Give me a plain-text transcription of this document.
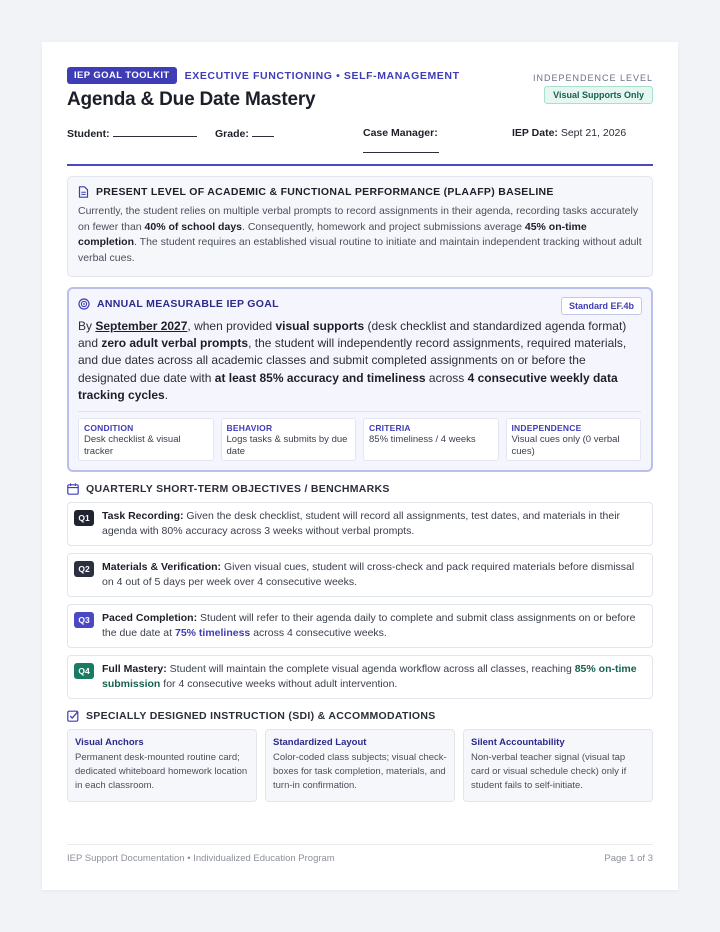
IEP GOAL TOOLKIT	EXECUTIVE FUNCTIONING • SELF-MANAGEMENT
Agenda & Due Date Mastery
INDEPENDENCE LEVEL
Visual Supports Only
Student:	Grade:	Case Manager:	IEP Date: Sept 21, 2026
PRESENT LEVEL OF ACADEMIC & FUNCTIONAL PERFORMANCE (PLAAFP) BASELINE
Currently, the student relies on multiple verbal prompts to record assignments in their agenda, recording tasks accurately on fewer than 40% of school days. Consequently, homework and project submissions average 45% on-time completion. The student requires an established visual routine to initiate and maintain independent tracking without adult verbal cues.
ANNUAL MEASURABLE IEP GOAL	Standard EF.4b
By September 2027, when provided visual supports (desk checklist and standardized agenda format) and zero adult verbal prompts, the student will independently record assignments, required materials, and due dates across all academic classes and submit completed assignments on or before the designated due date with at least 85% accuracy and timeliness across 4 consecutive weekly data tracking cycles.
CONDITION
Desk checklist & visual tracker
BEHAVIOR
Logs tasks & submits by due date
CRITERIA
85% timeliness / 4 weeks
INDEPENDENCE
Visual cues only (0 verbal cues)
QUARTERLY SHORT-TERM OBJECTIVES / BENCHMARKS
Q1	Task Recording: Given the desk checklist, student will record all assignments, test dates, and materials in their agenda with 80% accuracy across 3 weeks without verbal prompts.
Q2	Materials & Verification: Given visual cues, student will cross-check and pack required materials before dismissal on 4 out of 5 days per week over 4 consecutive weeks.
Q3	Paced Completion: Student will refer to their agenda daily to complete and submit class assignments on or before the due date at 75% timeliness across 4 consecutive weeks.
Q4	Full Mastery: Student will maintain the complete visual agenda workflow across all classes, reaching 85% on-time submission for 4 consecutive weeks without adult intervention.
SPECIALLY DESIGNED INSTRUCTION (SDI) & ACCOMMODATIONS
Visual Anchors
Permanent desk-mounted routine card; dedicated whiteboard homework location in each classroom.
Standardized Layout
Color-coded class subjects; visual check-boxes for task completion, materials, and turn-in confirmation.
Silent Accountability
Non-verbal teacher signal (visual tap card or visual schedule check) only if student fails to self-initiate.
IEP Support Documentation • Individualized Education Program	Page 1 of 3
